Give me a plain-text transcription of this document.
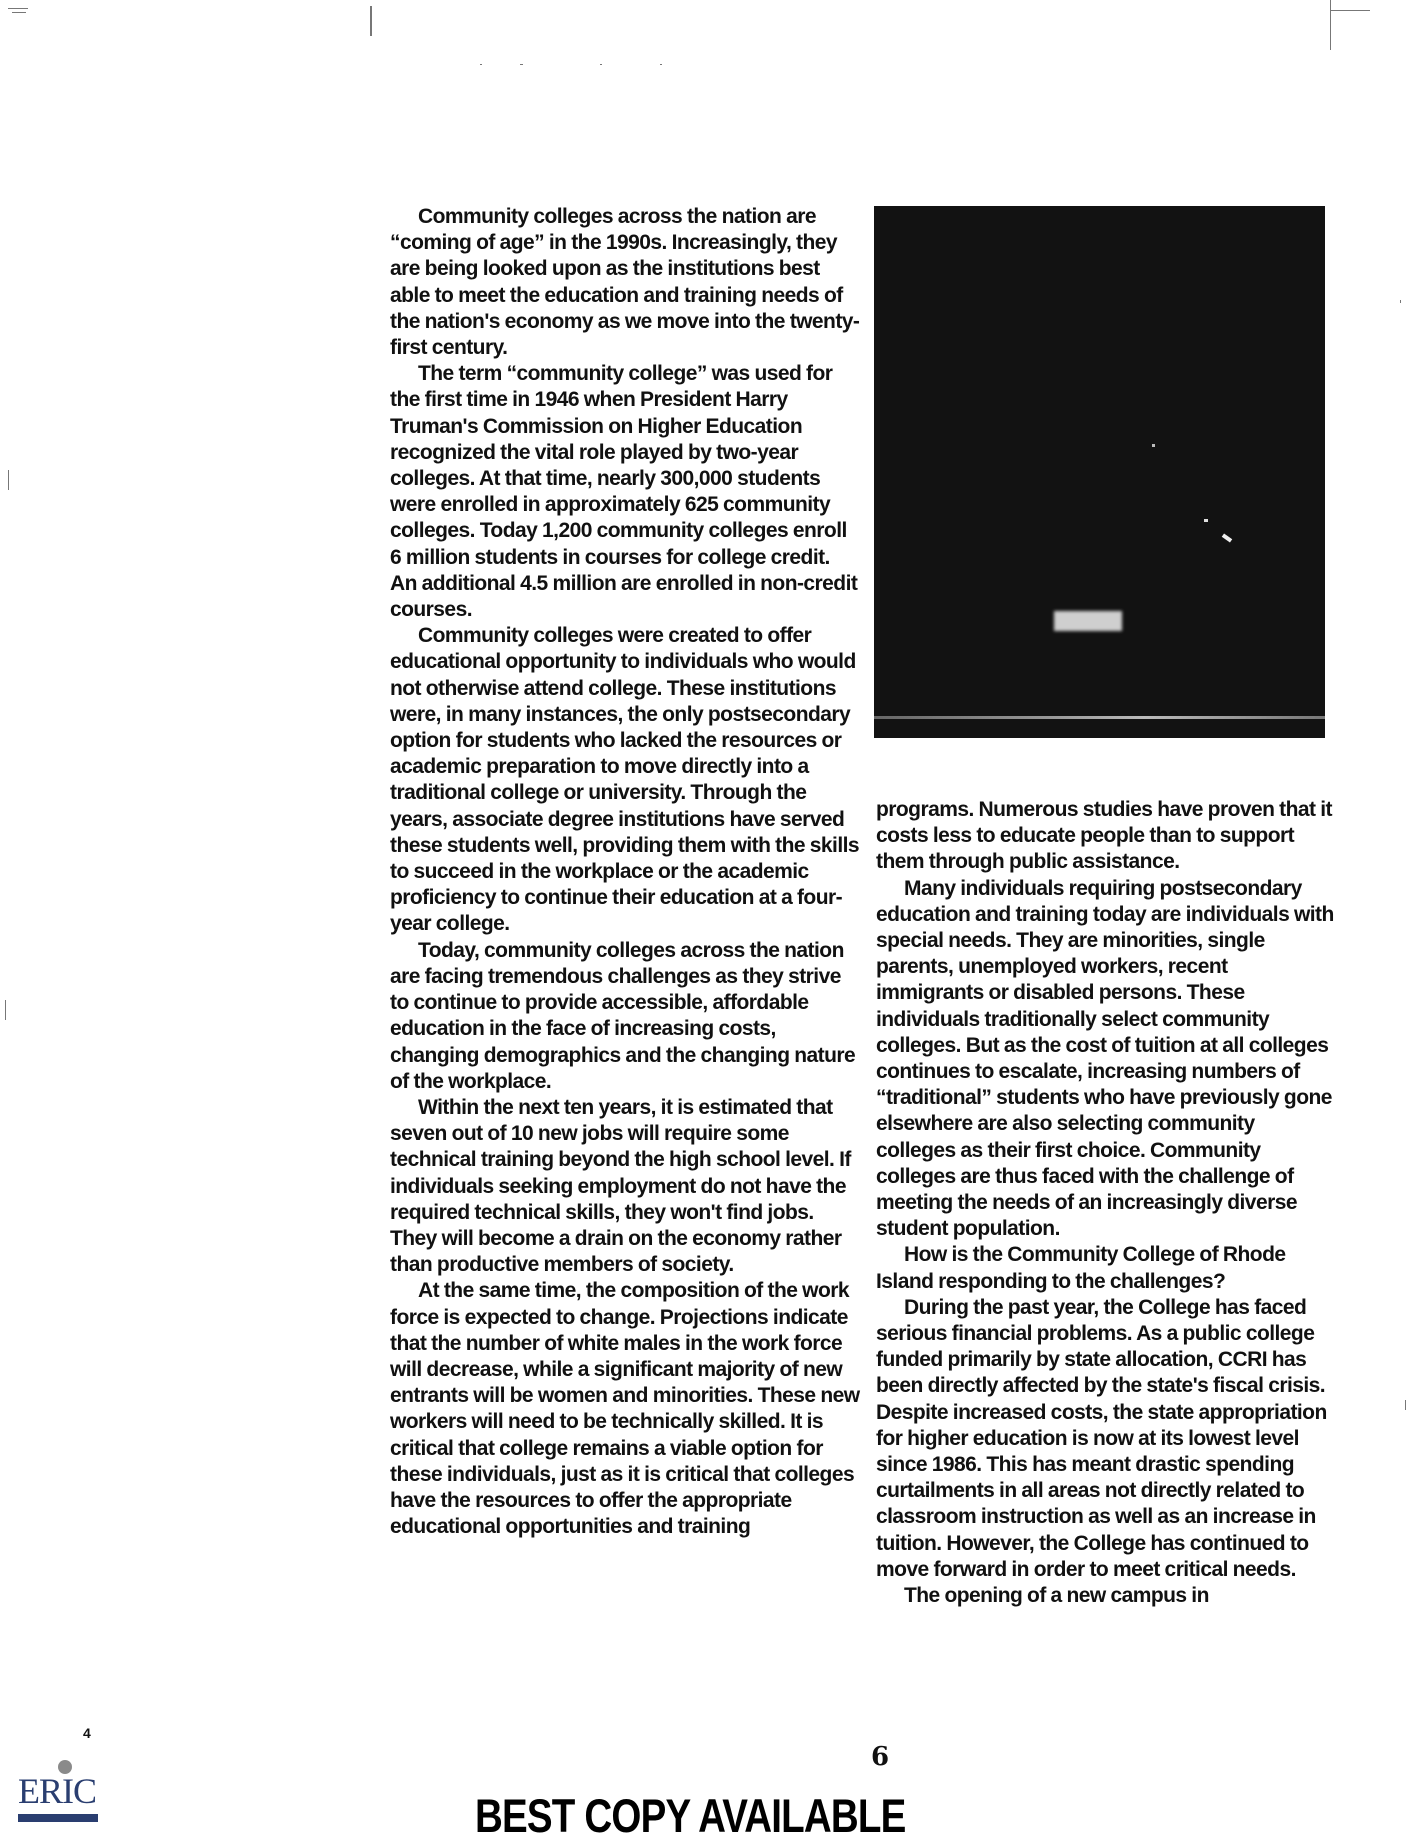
Community colleges across the nation are “coming of age” in the 1990s. Increasingly, they are being looked upon as the institutions best able to meet the education and training needs of the nation's economy as we move into the twenty-first century.

The term “community college” was used for the first time in 1946 when President Harry Truman's Commission on Higher Education recognized the vital role played by two-year colleges. At that time, nearly 300,000 students were enrolled in approximately 625 community colleges. Today 1,200 community colleges enroll 6 million students in courses for college credit. An additional 4.5 million are enrolled in non-credit courses.

Community colleges were created to offer educational opportunity to individuals who would not otherwise attend college. These institutions were, in many instances, the only postsecondary option for students who lacked the resources or academic preparation to move directly into a traditional college or university. Through the years, associate degree institutions have served these students well, providing them with the skills to succeed in the workplace or the academic proficiency to continue their education at a four-year college.

Today, community colleges across the nation are facing tremendous challenges as they strive to continue to provide accessible, affordable education in the face of increasing costs, changing demographics and the changing nature of the workplace.

Within the next ten years, it is estimated that seven out of 10 new jobs will require some technical training beyond the high school level. If individuals seeking employment do not have the required technical skills, they won't find jobs. They will become a drain on the economy rather than productive members of society.

At the same time, the composition of the work force is expected to change. Projections indicate that the number of white males in the work force will decrease, while a significant majority of new entrants will be women and minorities. These new workers will need to be technically skilled. It is critical that college remains a viable option for these individuals, just as it is critical that colleges have the resources to offer the appropriate educational opportunities and training

programs. Numerous studies have proven that it costs less to educate people than to support them through public assistance.

Many individuals requiring postsecondary education and training today are individuals with special needs. They are minorities, single parents, unemployed workers, recent immigrants or disabled persons. These individuals traditionally select community colleges. But as the cost of tuition at all colleges continues to escalate, increasing numbers of “traditional” students who have previously gone elsewhere are also selecting community colleges as their first choice. Community colleges are thus faced with the challenge of meeting the needs of an increasingly diverse student population.

How is the Community College of Rhode Island responding to the challenges?

During the past year, the College has faced serious financial problems. As a public college funded primarily by state allocation, CCRI has been directly affected by the state's fiscal crisis. Despite increased costs, the state appropriation for higher education is now at its lowest level since 1986. This has meant drastic spending curtailments in all areas not directly related to classroom instruction as well as an increase in tuition. However, the College has continued to move forward in order to meet critical needs.

The opening of a new campus in

4
6
ERIC	BEST COPY AVAILABLE
